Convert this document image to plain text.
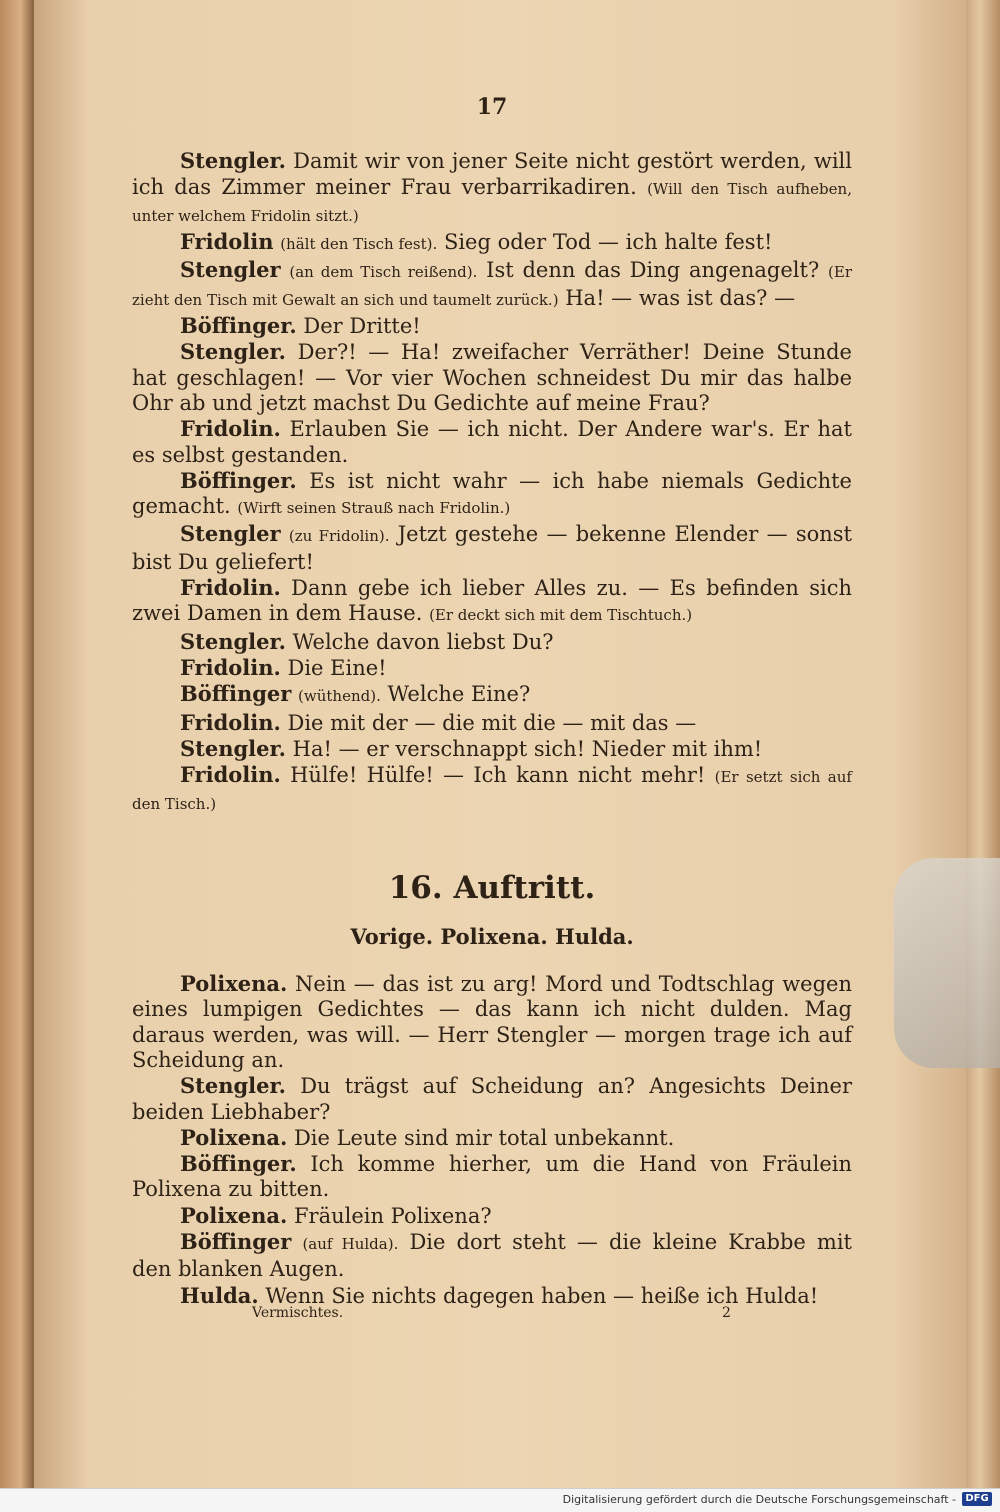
17

Stengler. Damit wir von jener Seite nicht gestört werden, will ich das Zimmer meiner Frau verbarrikadiren. (Will den Tisch aufheben, unter welchem Fridolin sitzt.)

Fridolin (hält den Tisch fest). Sieg oder Tod — ich halte fest!

Stengler (an dem Tisch reißend). Ist denn das Ding angenagelt? (Er zieht den Tisch mit Gewalt an sich und taumelt zurück.) Ha! — was ist das? —

Böffinger. Der Dritte!

Stengler. Der?! — Ha! zweifacher Verräther! Deine Stunde hat geschlagen! — Vor vier Wochen schneidest Du mir das halbe Ohr ab und jetzt machst Du Gedichte auf meine Frau?

Fridolin. Erlauben Sie — ich nicht. Der Andere war's. Er hat es selbst gestanden.

Böffinger. Es ist nicht wahr — ich habe niemals Gedichte gemacht. (Wirft seinen Strauß nach Fridolin.)

Stengler (zu Fridolin). Jetzt gestehe — bekenne Elender — sonst bist Du geliefert!

Fridolin. Dann gebe ich lieber Alles zu. — Es befinden sich zwei Damen in dem Hause. (Er deckt sich mit dem Tischtuch.)

Stengler. Welche davon liebst Du?

Fridolin. Die Eine!

Böffinger (wüthend). Welche Eine?

Fridolin. Die mit der — die mit die — mit das —

Stengler. Ha! — er verschnappt sich! Nieder mit ihm!

Fridolin. Hülfe! Hülfe! — Ich kann nicht mehr! (Er setzt sich auf den Tisch.)

16. Auftritt.
Vorige. Polixena. Hulda.

Polixena. Nein — das ist zu arg! Mord und Todtschlag wegen eines lumpigen Gedichtes — das kann ich nicht dulden. Mag daraus werden, was will. — Herr Stengler — morgen trage ich auf Scheidung an.

Stengler. Du trägst auf Scheidung an? Angesichts Deiner beiden Liebhaber?

Polixena. Die Leute sind mir total unbekannt.

Böffinger. Ich komme hierher, um die Hand von Fräulein Polixena zu bitten.

Polixena. Fräulein Polixena?

Böffinger (auf Hulda). Die dort steht — die kleine Krabbe mit den blanken Augen.

Hulda. Wenn Sie nichts dagegen haben — heiße ich Hulda!

Vermischtes.	2
Digitalisierung gefördert durch die Deutsche Forschungsgemeinschaft - DFG
